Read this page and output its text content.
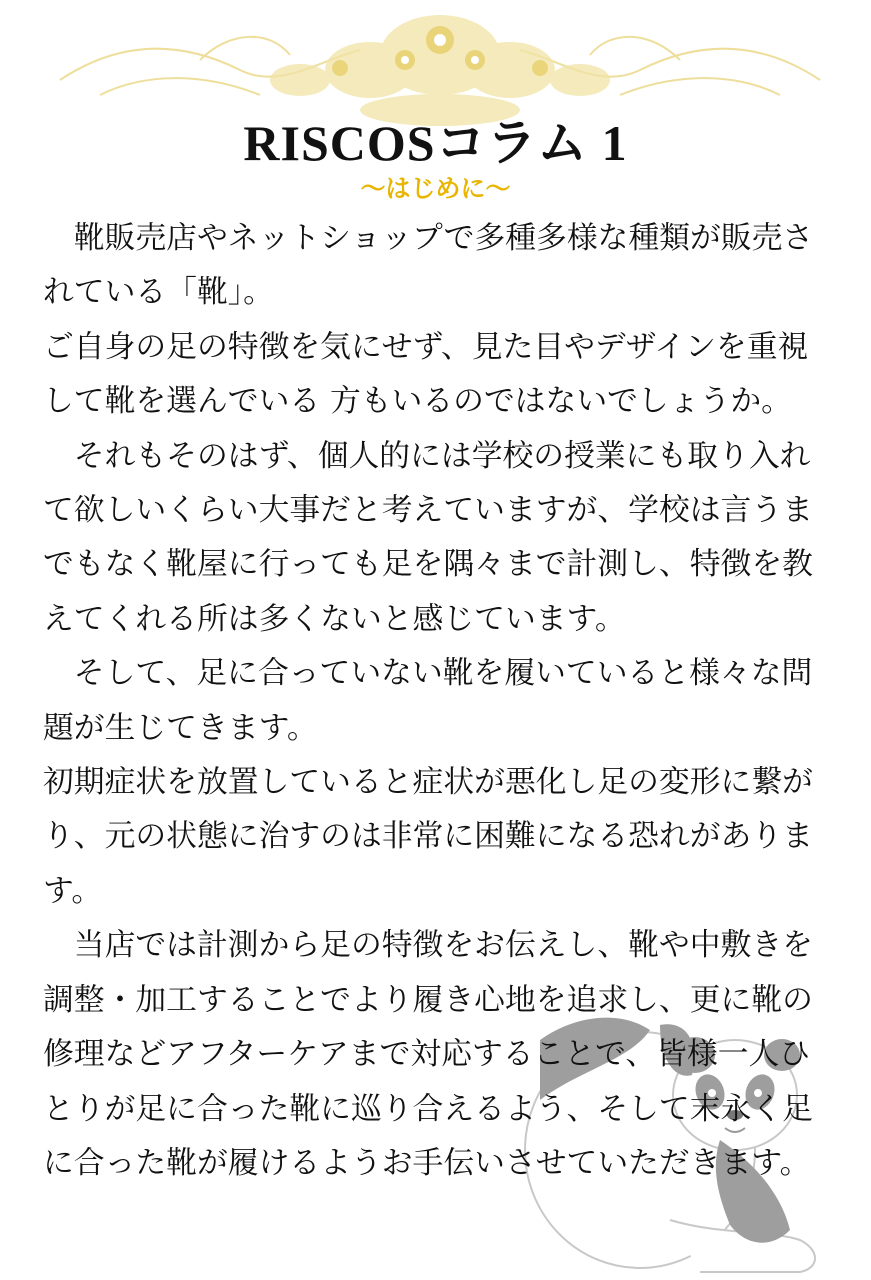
RISCOSコラム 1
～はじめに～

　靴販売店やネットショップで多種多様な種類が販売されている「靴」。

ご自身の足の特徴を気にせず、見た目やデザインを重視して靴を選んでいる 方もいるのではないでしょうか。

　それもそのはず、個人的には学校の授業にも取り入れて欲しいくらい大事だと考えていますが、学校は言うまでもなく靴屋に行っても足を隅々まで計測し、特徴を教えてくれる所は多くないと感じています。

　そして、足に合っていない靴を履いていると様々な問題が生じてきます。

初期症状を放置していると症状が悪化し足の変形に繋がり、元の状態に治すのは非常に困難になる恐れがあります。

　当店では計測から足の特徴をお伝えし、靴や中敷きを調整・加工することでより履き心地を追求し、更に靴の修理などアフターケアまで対応することで、皆様一人ひとりが足に合った靴に巡り合えるよう、そして末永く足に合った靴が履けるようお手伝いさせていただきます。
